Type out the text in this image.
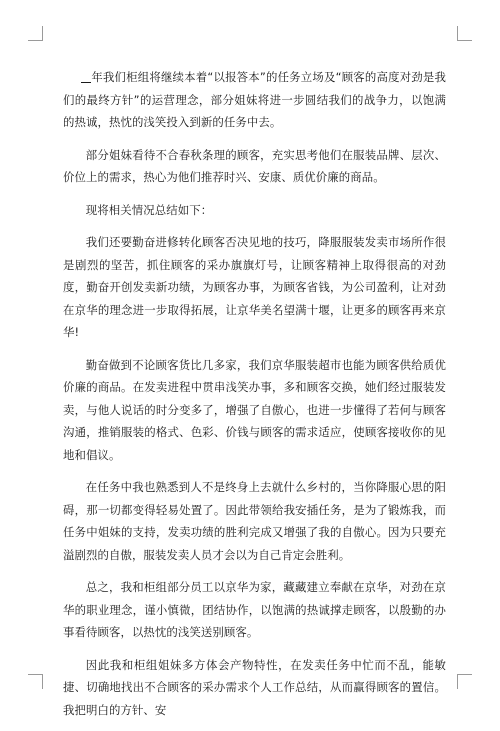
年我们柜组将继续本着“以报答本”的任务立场及“顾客的高度对劲是我们的最终方针”的运营理念，部分姐妹将进一步圆结我们的战争力，以饱满的热诚，热忱的浅笑投入到新的任务中去。

部分姐妹看待不合春秋条理的顾客，充实思考他们在服装品牌、层次、价位上的需求，热心为他们推荐时兴、安康、质优价廉的商品。

现将相关情况总结如下：

我们还要勤奋进修转化顾客否决见地的技巧，降服服装发卖市场所作很是剧烈的坚苦，抓住顾客的采办旗旗灯号，让顾客精神上取得很高的对劲度，勤奋开创发卖新功绩，为顾客办事，为顾客省钱，为公司盈利，让对劲在京华的理念进一步取得拓展，让京华美名望满十堰，让更多的顾客再来京华!

勤奋做到不论顾客货比几多家，我们京华服装超市也能为顾客供给质优价廉的商品。在发卖进程中贯串浅笑办事，多和顾客交换，她们经过服装发卖，与他人说话的时分变多了，增强了自傲心，也进一步懂得了若何与顾客沟通，推销服装的格式、色彩、价钱与顾客的需求适应，使顾客接收你的见地和倡议。

在任务中我也熟悉到人不是终身上去就什么乡村的，当你降服心思的阳碍，那一切都变得轻易处置了。因此带领给我安插任务，是为了锻炼我，而任务中姐妹的支持，发卖功绩的胜利完成又增强了我的自傲心。因为只要充溢剧烈的自傲，服装发卖人员才会以为自己肯定会胜利。

总之，我和柜组部分员工以京华为家，藏藏建立奉献在京华，对劲在京华的职业理念，谨小慎微，团结协作，以饱满的热诚撑走顾客，以殷勤的办事看待顾客，以热忱的浅笑送别顾客。

因此我和柜组姐妹多方体会产物特性，在发卖任务中忙而不乱，能敏捷、切确地找出不合顾客的采办需求个人工作总结，从而赢得顾客的置信。我把明白的方针、安
